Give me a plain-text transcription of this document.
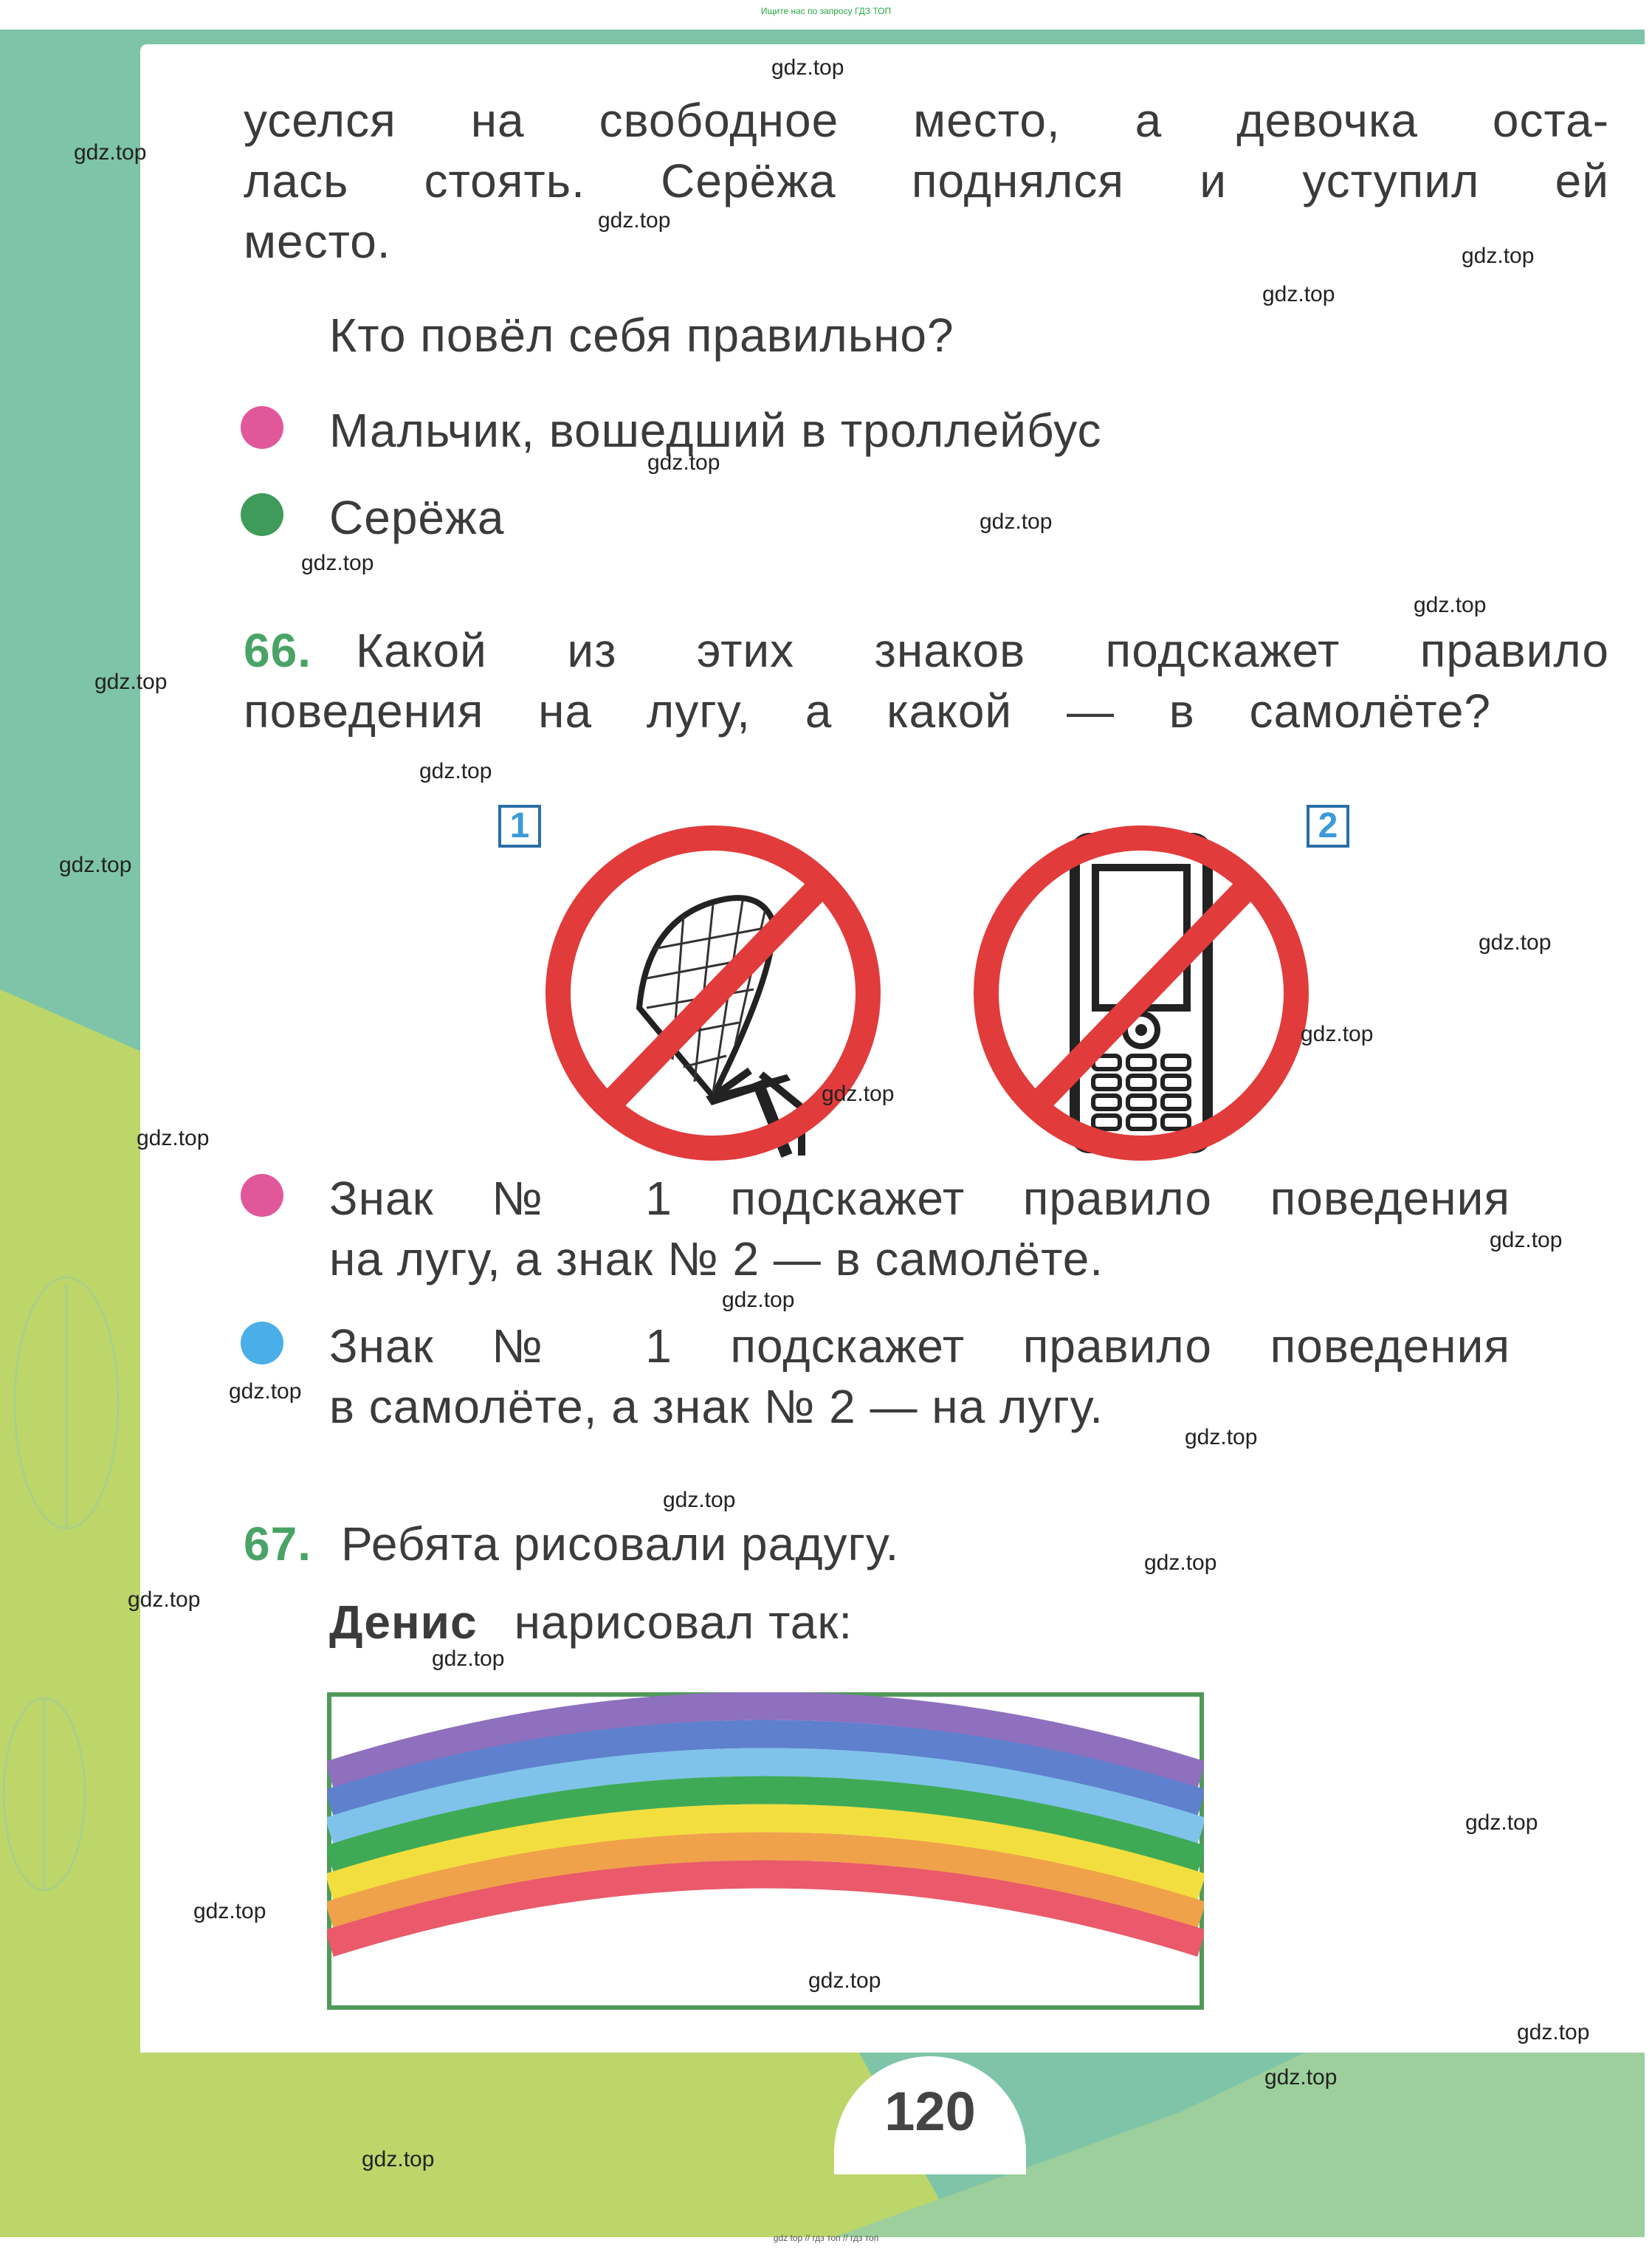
Ищите нас по запросу ГДЗ ТОП
уселся на свободное место, а девочка оста-
лась стоять. Серёжа поднялся и уступил ей
место.
Кто повёл себя правильно?
Мальчик, вошедший в троллейбус
Серёжа
66. Какой из этих знаков подскажет правило
поведения на лугу, а какой — в самолёте?
1	2
Знак № 1 подскажет правило поведения
на лугу, а знак № 2 — в самолёте.
Знак № 1 подскажет правило поведения
в самолёте, а знак № 2 — на лугу.
67. Ребята рисовали радугу.
Денис нарисовал так:
120
gdz top // гдз топ // гдз топ
gdz.top
gdz.top
gdz.top
gdz.top
gdz.top
gdz.top
gdz.top
gdz.top
gdz.top
gdz.top
gdz.top
gdz.top
gdz.top
gdz.top
gdz.top
gdz.top
gdz.top
gdz.top
gdz.top
gdz.top
gdz.top
gdz.top
gdz.top
gdz.top
gdz.top
gdz.top
gdz.top
gdz.top
gdz.top
gdz.top
